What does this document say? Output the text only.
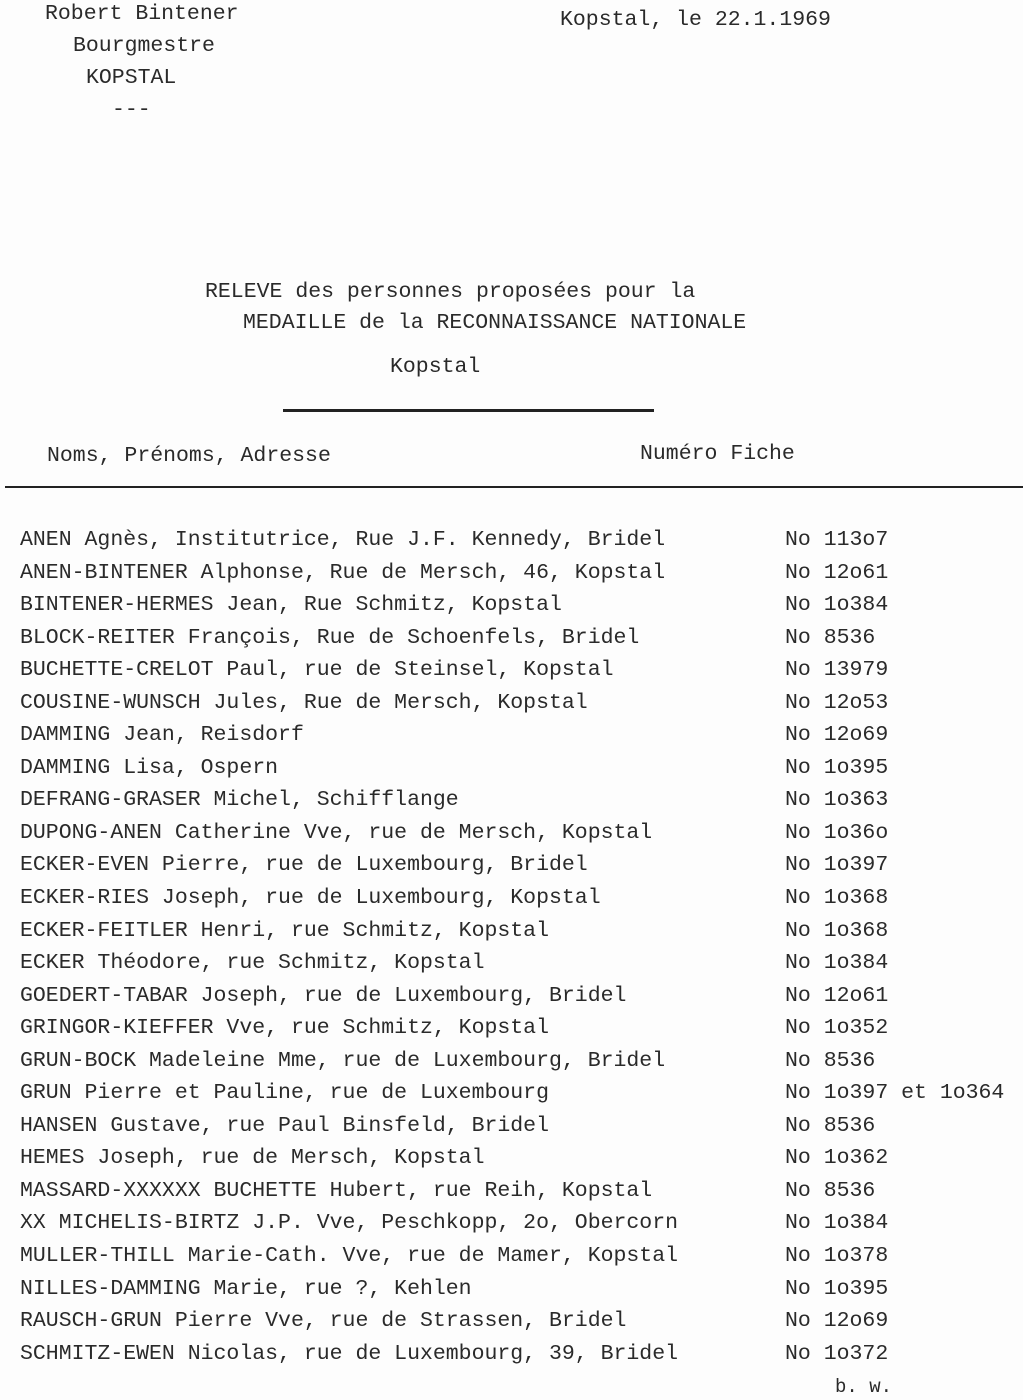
Robert Bintener
Bourgmestre
KOPSTAL
---
Kopstal, le 22.1.1969
RELEVE des personnes proposées pour la
MEDAILLE de la RECONNAISSANCE NATIONALE
Kopstal
Noms, Prénoms, Adresse	Numéro Fiche
ANEN Agnès, Institutrice, Rue J.F. Kennedy, Bridel	No 113o7
ANEN-BINTENER Alphonse, Rue de Mersch, 46, Kopstal	No 12o61
BINTENER-HERMES Jean, Rue Schmitz, Kopstal	No 1o384
BLOCK-REITER François, Rue de Schoenfels, Bridel	No 8536
BUCHETTE-CRELOT Paul, rue de Steinsel, Kopstal	No 13979
COUSINE-WUNSCH Jules, Rue de Mersch, Kopstal	No 12o53
DAMMING Jean, Reisdorf	No 12o69
DAMMING Lisa, Ospern	No 1o395
DEFRANG-GRASER Michel, Schifflange	No 1o363
DUPONG-ANEN Catherine Vve, rue de Mersch, Kopstal	No 1o36o
ECKER-EVEN Pierre, rue de Luxembourg, Bridel	No 1o397
ECKER-RIES Joseph, rue de Luxembourg, Kopstal	No 1o368
ECKER-FEITLER Henri, rue Schmitz, Kopstal	No 1o368
ECKER Théodore, rue Schmitz, Kopstal	No 1o384
GOEDERT-TABAR Joseph, rue de Luxembourg, Bridel	No 12o61
GRINGOR-KIEFFER Vve, rue Schmitz, Kopstal	No 1o352
GRUN-BOCK Madeleine Mme, rue de Luxembourg, Bridel	No 8536
GRUN Pierre et Pauline, rue de Luxembourg	No 1o397 et 1o364
HANSEN Gustave, rue Paul Binsfeld, Bridel	No 8536
HEMES Joseph, rue de Mersch, Kopstal	No 1o362
MASSARD-XXXXXX BUCHETTE Hubert, rue Reih, Kopstal	No 8536
XX MICHELIS-BIRTZ J.P. Vve, Peschkopp, 2o, Obercorn	No 1o384
MULLER-THILL Marie-Cath. Vve, rue de Mamer, Kopstal	No 1o378
NILLES-DAMMING Marie, rue ?, Kehlen	No 1o395
RAUSCH-GRUN Pierre Vve, rue de Strassen, Bridel	No 12o69
SCHMITZ-EWEN Nicolas, rue de Luxembourg, 39, Bridel	No 1o372
b. w.
